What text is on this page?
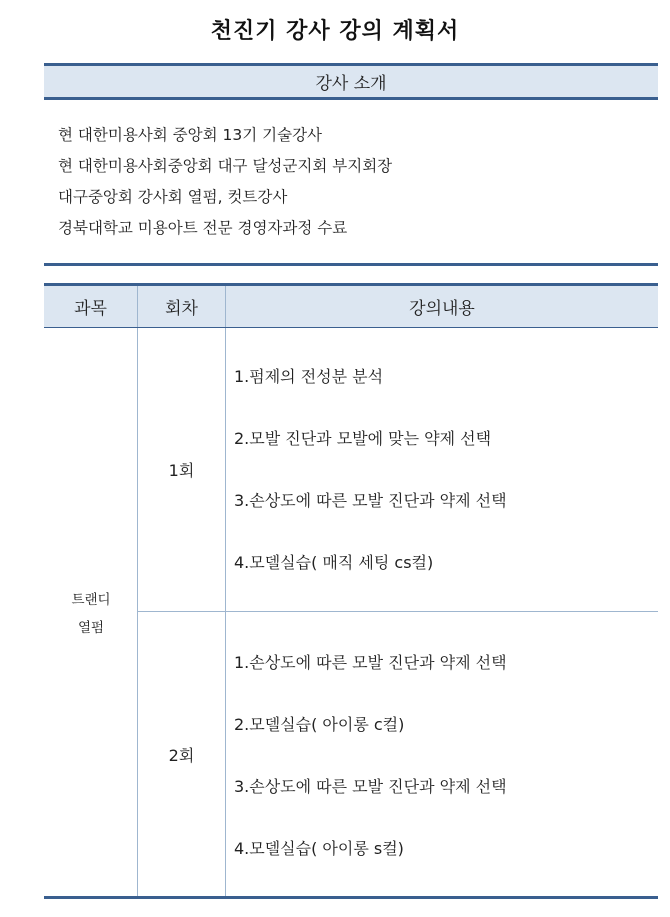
천진기 강사 강의 계획서
강사 소개
현 대한미용사회 중앙회 13기 기술강사
현 대한미용사회중앙회 대구 달성군지회 부지회장
대구중앙회 강사회 열펌, 컷트강사
경북대학교 미용아트 전문 경영자과정 수료
과목	회차	강의내용
트랜디
열펌
1회
1.펌제의 전성분 분석
2.모발 진단과 모발에 맞는 약제 선택
3.손상도에 따른 모발 진단과 약제 선택
4.모델실습( 매직 세팅 cs컬)
2회
1.손상도에 따른 모발 진단과 약제 선택
2.모델실습( 아이롱 c컬)
3.손상도에 따른 모발 진단과 약제 선택
4.모델실습( 아이롱 s컬)
